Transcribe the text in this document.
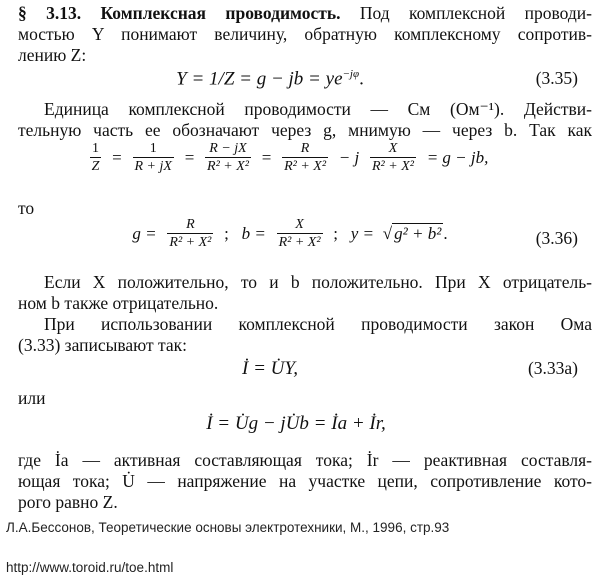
§ 3.13. Комплексная проводимость. Под комплексной проводи-
мостью Y понимают величину, обратную комплексному сопротив-
лению Z:
Y = 1/Z = g − jb = $ye^{-j\varphi}$.	(3.35)
Единица комплексной проводимости — См (Ом⁻¹). Действи-
тельную часть ее обозначают через g, мнимую — через b. Так как
$\frac{1}{Z} = \frac{1}{R + jX} = \frac{R - jX}{\text{R² + X²}} = \frac{R}{\text{R² + X²}} - j \frac{X}{\text{R² + X²}} = g$ − jb,
то
$g = \frac{R}{\text{R² + X²}}$ ; $b = \frac{X}{\text{R² + X²}}$ ; y = √ g² + b² .	(3.36)
Если X положительно, то и b положительно. При X отрицатель-
ном b также отрицательно.
При использовании комплексной проводимости закон Ома
(3.33) записывают так:
İ = U̇Y,	(3.33a)
или
İ = U̇g − jU̇b = İa + İr,
где İa — активная составляющая тока; İr — реактивная составля-
ющая тока; U̇ — напряжение на участке цепи, сопротивление кото-
рого равно Z.
Л.А.Бессонов, Теоретические основы электротехники, М., 1996, стр.93
http://www.toroid.ru/toe.html
